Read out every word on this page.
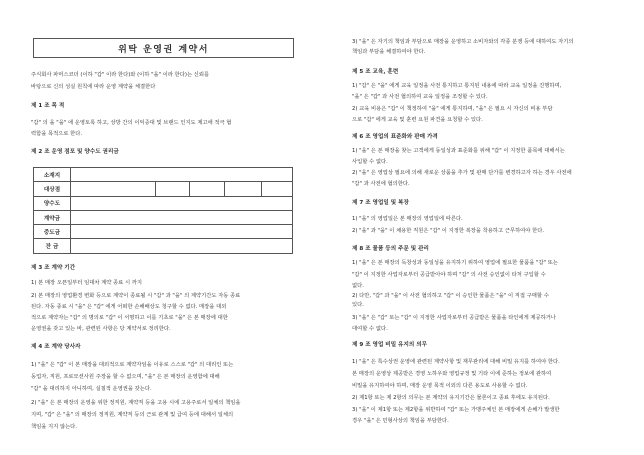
위탁 운영권 계약서
소재지					
대상점					
양수도					
계약금					
중도금					
잔 금					
주식회사 파머스코더 (이하 "갑" 이라 한다)와 (이하 "을" 이라 한다)는 신뢰를
바탕으로 신의 성실 원칙에 따라 운영 계약을 체결한다
제 1 조 목 적
"갑" 의 을 "을" 에 운영토록 하고, 상방 간의 이익증대 및 브랜드 인지도 제고에 적극 협
력함을 목적으로 한다.
제 2 조 운영 점포 및 양수도 권리금
제 3 조 계약 기간
1) 본 매장 오픈일부터 임대차 계약 종료 시 까지
2) 본 매장의 영업환경 변화 등으로 계약이 종료될 시 "갑" 과 "을" 의 계약기간도 자동 종료
된다. 자동 종료 시 "을" 은 "갑" 에게 어떠한 손해배상도 청구할 수 없다. 매장을 대외
적으로 계약자는 "갑" 의 명의로 "갑" 이 서명하고 이를 기초로 "을" 은 본 매장에 대한
운영권을 갖고 있는 바, 관련된 사항은 당 계약서로 정리한다.
제 4 조 계약 당사자
1) "을" 은 "갑" 이 본 매장을 대외적으로 계약자임을 이유로 스스로 "갑" 의 대리인 또는
동업자, 직원, 프로모션사원 주장을 할 수 없으며, "을" 은 본 매장의 운영함에 대해
"갑" 을 대리하지 아니하며, 실질적 운영권을 갖는다.
2) "을" 은 본 매장의 운영을 위한 정직원, 계약직 등을 고용 시에 고용주로서 일체의 책임을
지며, "갑" 은 "을" 의 매장의 정직원, 계약직 등의 근로 관계 및 급여 등에 대해서 일체의
책임을 지지 않는다.
3) "을" 은 자기의 책임과 부담으로 매장을 운영하고 소비자와의 각종 분쟁 등에 대하여도 자기의
책임과 부담을 해결하여야 한다.
제 5 조 교육, 훈련
1) "갑" 은 "을" 에게 교육 일정을 사전 통지하고 통지된 내용에 따라 교육 일정을 진행하며,
"을" 은 "갑" 과 사전 협의하여 교육 일정을 조정할 수 있다.
2) 교육 비용은 "갑" 이 책정하여 "을" 에게 통지하며, "을" 은 필요 시 자신의 비용 부담
으로 "갑" 에게 교육 및 훈련 요원 파견을 요청할 수 있다.
제 6 조 영업의 표준화와 판매 가격
1) "을" 은 본 매장을 찾는 고객에게 동일성과 표준화를 위해 "갑" 이 지정한 품목에 대해서는
사입할 수 없다.
2) "을" 은 영업상 필요에 의해 새로운 상품을 추가 및 판매 단가를 변경하고자 하는 경우 사전에
"갑" 과 사전에 협의한다.
제 7 조 영업일 및 복장
1) "을" 의 영업일은 본 매장의 영업일에 따른다.
2) "을" 과 "을" 이 채용한 직원은 "갑" 이 지정한 복장을 착용하고 근무하여야 한다.
제 8 조 물품 등의 주문 및 관리
1) "을" 은 본 매장의 독창성과 동일성을 유지하기 위하여 영업에 필요한 물품을 "갑" 또는
"갑" 이 지정한 사업자로부터 공급받아야 하며 "갑" 의 사전 승인없이 타처 구입할 수
없다.
2) 다만, "갑" 과 "을" 이 사전 협의하고 "갑" 이 승인한 물품은 "을" 이 직접 구매할 수
있다.
3) "을" 은 "갑" 또는 "갑" 이 지정한 사업자로부터 공급받은 물품을 타인에게 제공하거나
대여할 수 없다.
제 9 조 영업 비밀 유지의 의무
1) "을" 은 특수상권 운영에 관련된 계약사항 및 재무관리에 대해 비밀 유지를 하여야 한다.
본 매장의 운영상 제공받은 경영 노하우와 영업규정 및 기타 이에 준하는 정보에 관하여
비밀을 유지하여야 하며, 매장 운영 목적 이외의 다른 용도로 사용할 수 없다.
2) 제1항 또는 제 2항의 의무는 본 계약의 유지기간은 물론이고 종료 후에도 유지된다.
3) "을" 이 제1항 또는 제2항을 위반하여 "갑" 또는 가맹주체인 본 매장에게 손해가 발생한
경우 "을" 은 민형사상의 책임을 부담한다.
